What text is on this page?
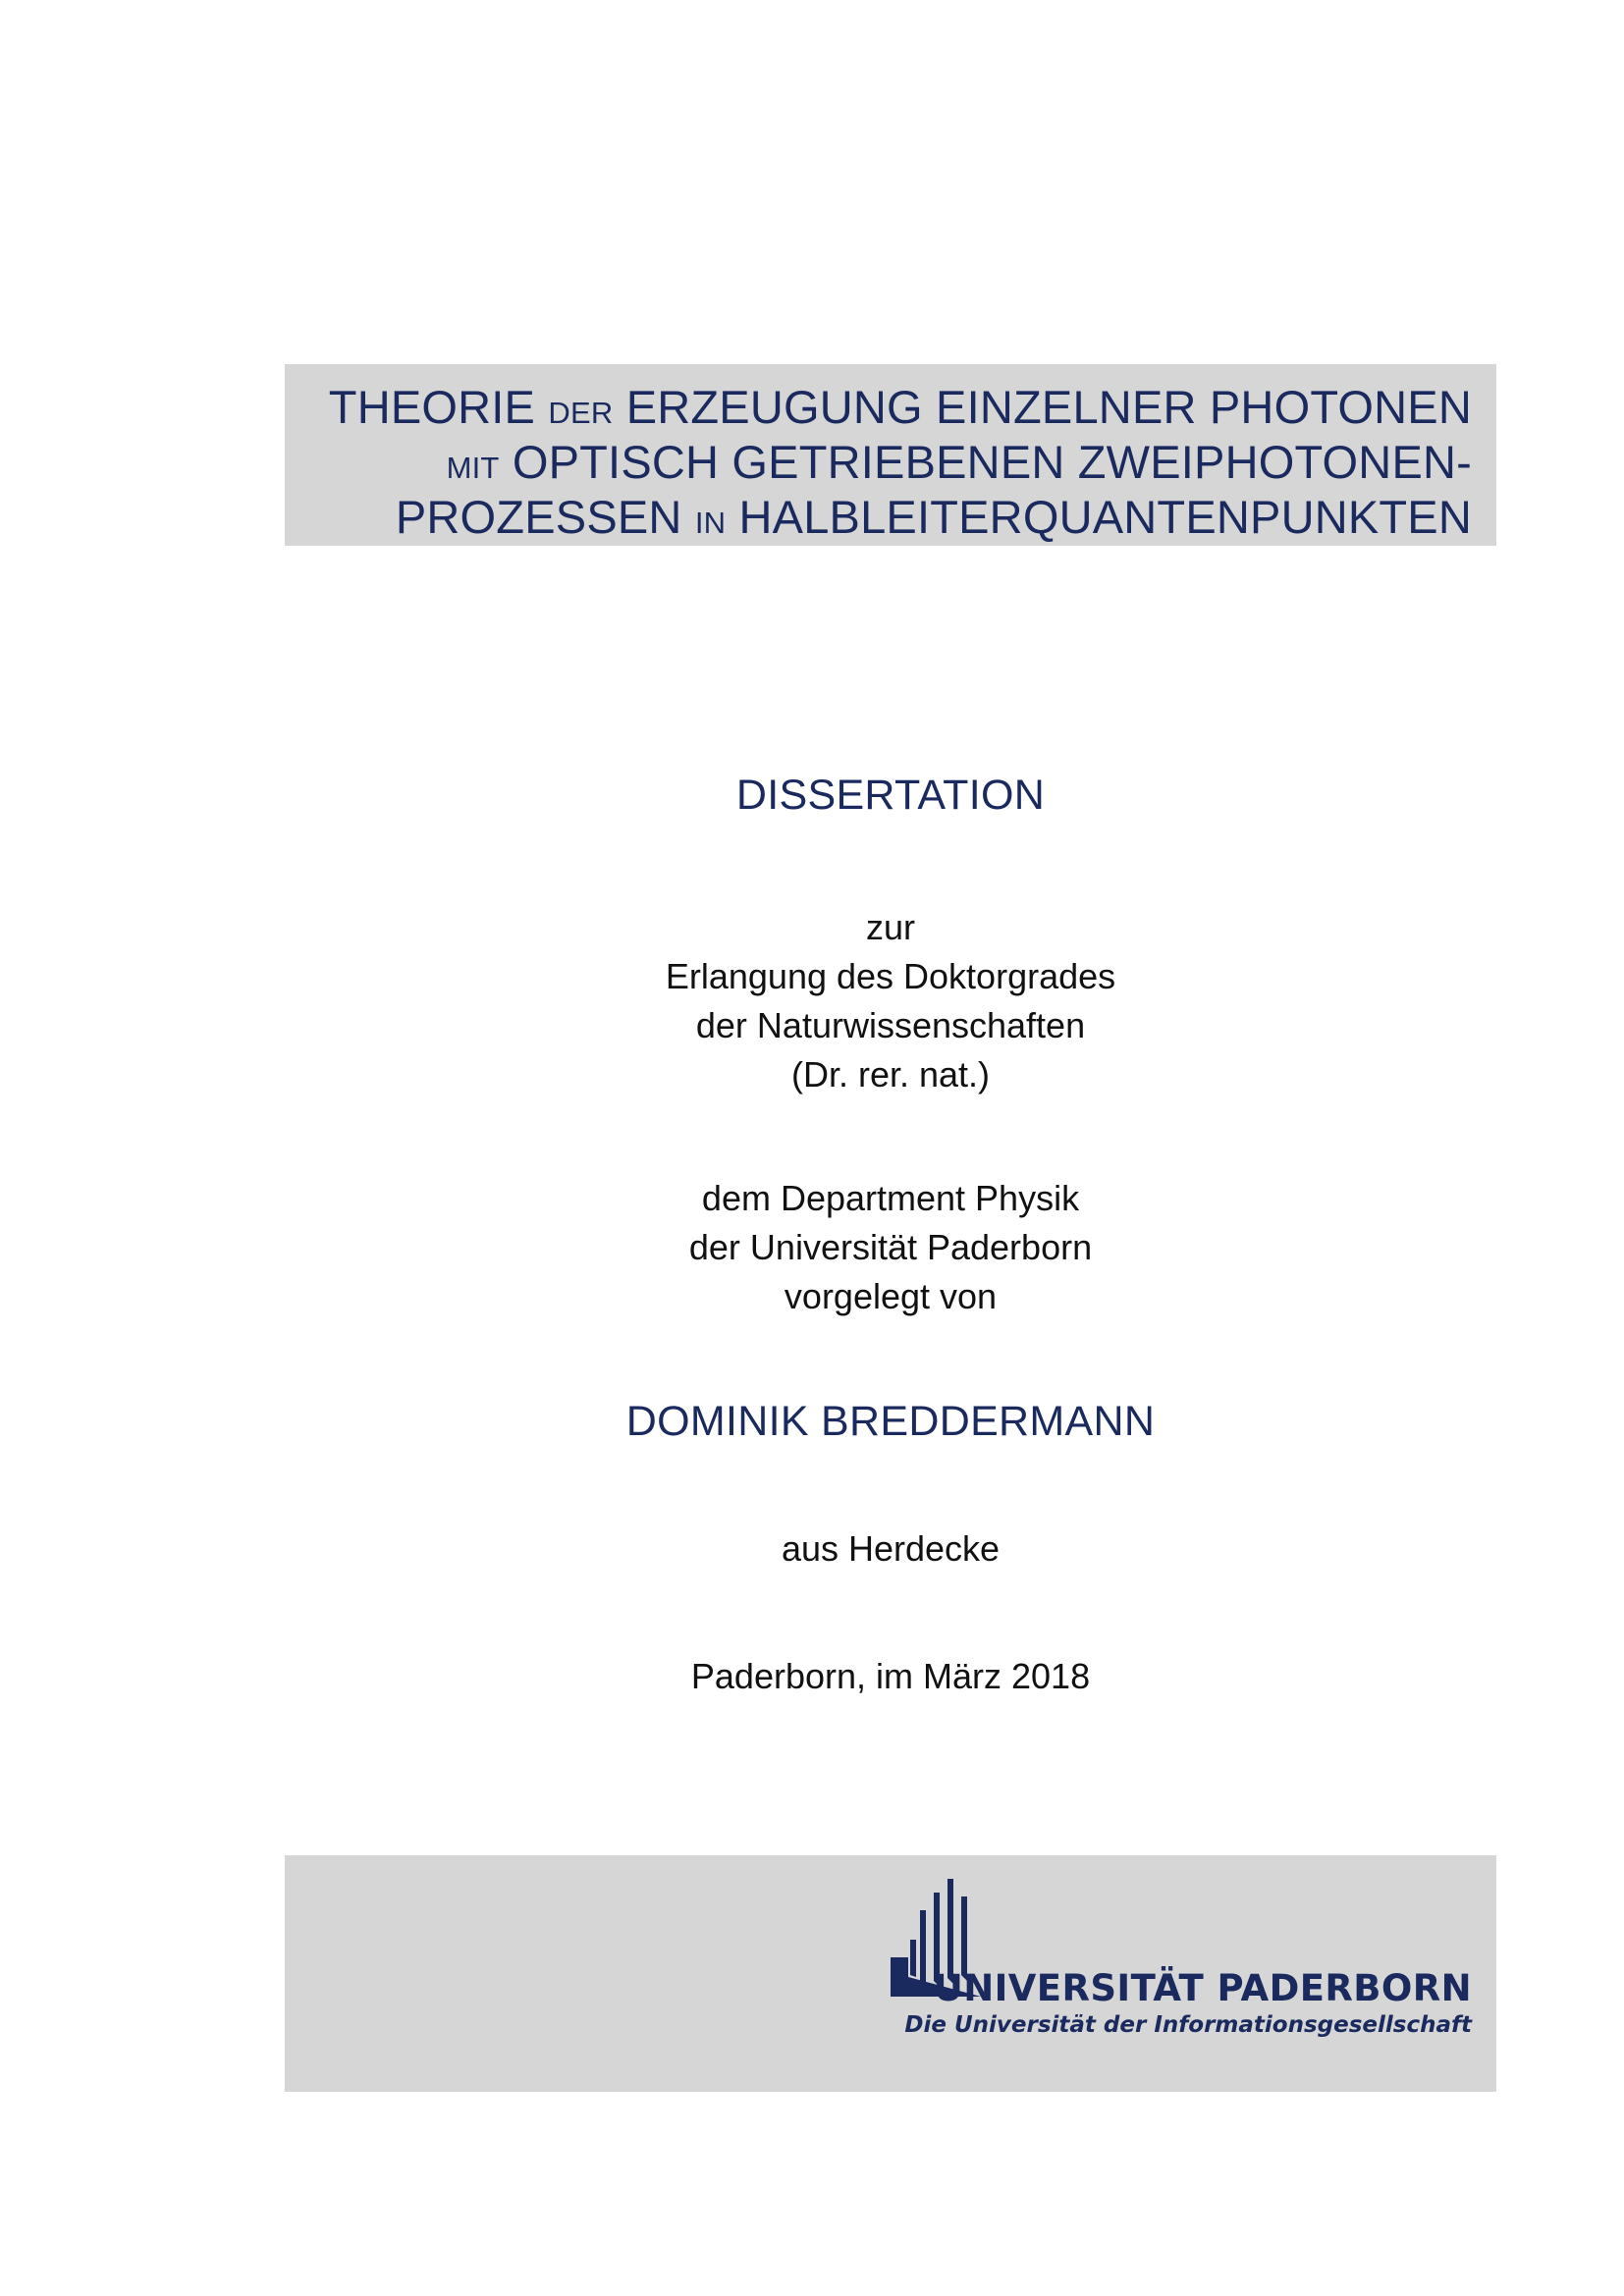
THEORIE DER ERZEUGUNG EINZELNER PHOTONEN
MIT OPTISCH GETRIEBENEN ZWEIPHOTONEN-
PROZESSEN IN HALBLEITERQUANTENPUNKTEN
DISSERTATION
zur
Erlangung des Doktorgrades
der Naturwissenschaften
(Dr. rer. nat.)
dem Department Physik
der Universität Paderborn
vorgelegt von
DOMINIK BREDDERMANN
aus Herdecke
Paderborn, im März 2018
UNIVERSITÄT PADERBORN
Die Universität der Informationsgesellschaft
